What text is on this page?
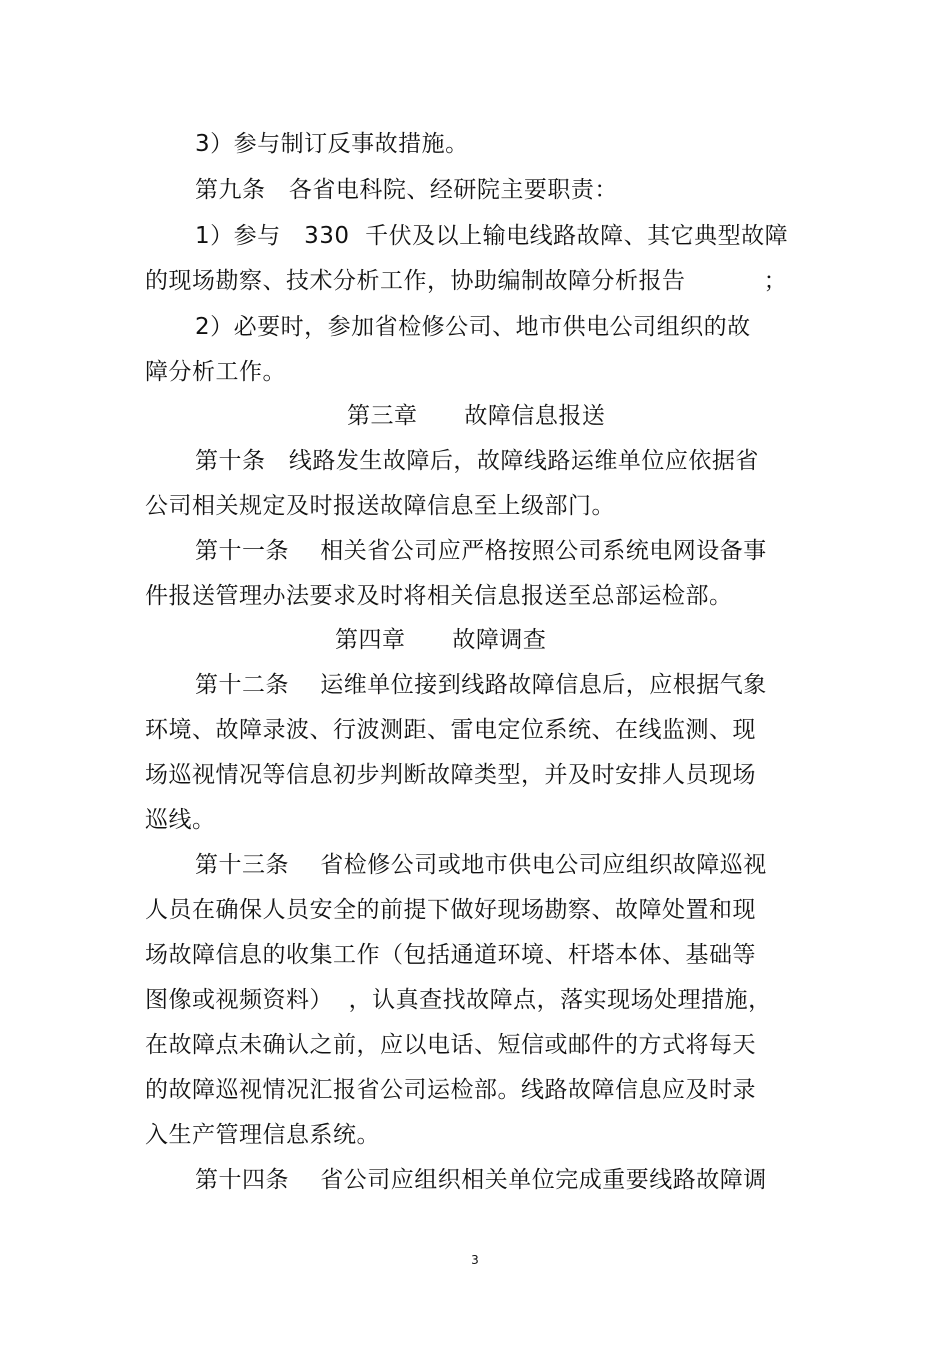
3）参与制订反事故措施。
第九条   各省电科院、经研院主要职责：
1）参与   330  千伏及以上输电线路故障、其它典型故障
的现场勘察、技术分析工作，协助编制故障分析报告          ；
2）必要时，参加省检修公司、地市供电公司组织的故
障分析工作。
第三章      故障信息报送
第十条   线路发生故障后，故障线路运维单位应依据省
公司相关规定及时报送故障信息至上级部门。
第十一条    相关省公司应严格按照公司系统电网设备事
件报送管理办法要求及时将相关信息报送至总部运检部。
第四章      故障调查
第十二条    运维单位接到线路故障信息后，应根据气象
环境、故障录波、行波测距、雷电定位系统、在线监测、现
场巡视情况等信息初步判断故障类型，并及时安排人员现场
巡线。
第十三条    省检修公司或地市供电公司应组织故障巡视
人员在确保人员安全的前提下做好现场勘察、故障处置和现
场故障信息的收集工作（包括通道环境、杆塔本体、基础等
图像或视频资料）  ，认真查找故障点，落实现场处理措施，
在故障点未确认之前，应以电话、短信或邮件的方式将每天
的故障巡视情况汇报省公司运检部。线路故障信息应及时录
入生产管理信息系统。
第十四条    省公司应组织相关单位完成重要线路故障调
3
